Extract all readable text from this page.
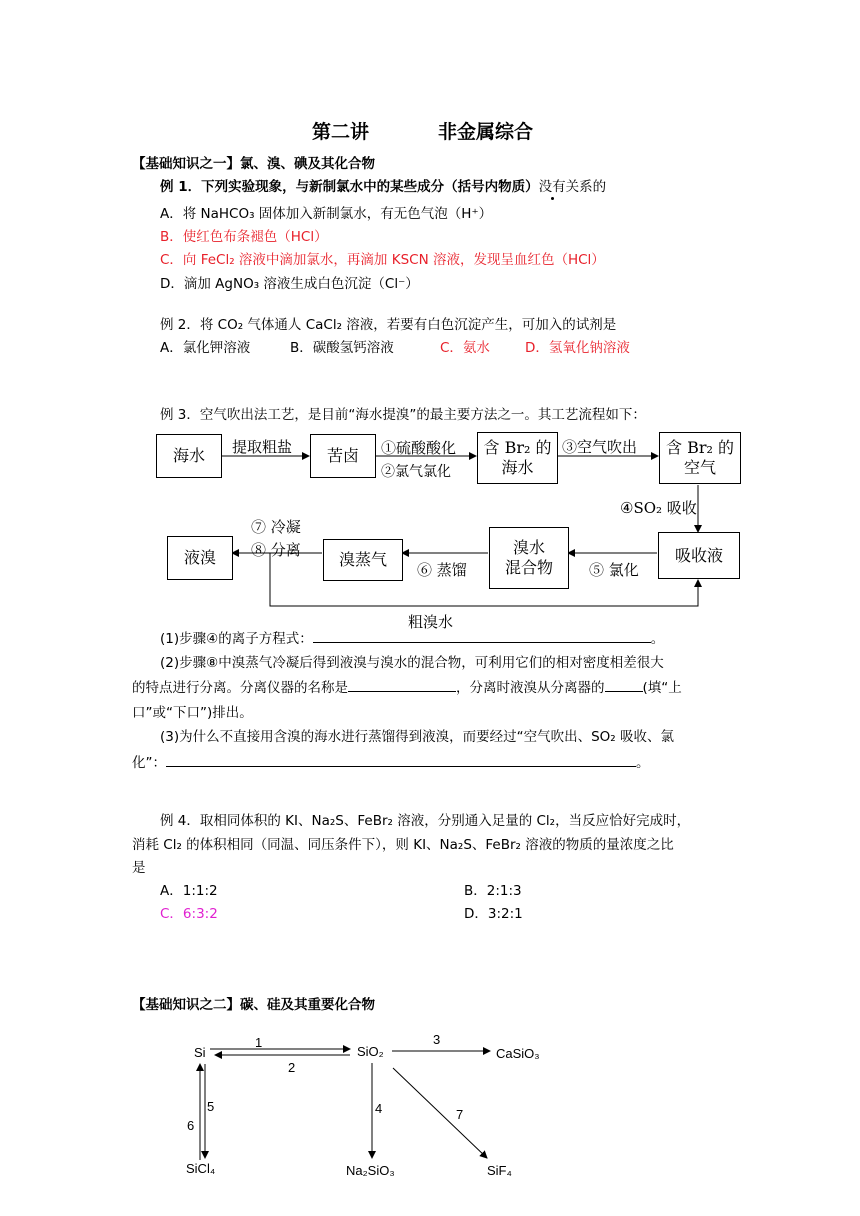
第二讲	非金属综合
【基础知识之一】氯、溴、碘及其化合物
例 1．下列实验现象，与新制氯水中的某些成分（括号内物质）没有关系的
A．将 NaHCO₃ 固体加入新制氯水，有无色气泡（H⁺）
B．使红色布条褪色（HCl）
C．向 FeCl₂ 溶液中滴加氯水，再滴加 KSCN 溶液，发现呈血红色（HCl）
D．滴加 AgNO₃ 溶液生成白色沉淀（Cl⁻）
例 2．将 CO₂ 气体通人 CaCl₂ 溶液，若要有白色沉淀产生，可加入的试剂是
A．氯化钾溶液	B．碳酸氢钙溶液	C．氨水	D．氢氧化钠溶液
例 3．空气吹出法工艺，是目前“海水提溴”的最主要方法之一。其工艺流程如下：
海水	提取粗盐	苦卤	①硫酸酸化
②氯气氯化
含 Br₂ 的
海水
③空气吹出 含 Br₂ 的
空气
④SO₂ 吸收
吸收液
⑤ 氯化
溴水
混合物
⑥ 蒸馏
溴蒸气
⑦ 冷凝
⑧ 分离
液溴
粗溴水
(1)步骤④的离子方程式：	。
(2)步骤⑧中溴蒸气冷凝后得到液溴与溴水的混合物，可利用它们的相对密度相差很大
的特点进行分离。分离仪器的名称是	，分离时液溴从分离器的	(填“上
口”或“下口”)排出。
(3)为什么不直接用含溴的海水进行蒸馏得到液溴，而要经过“空气吹出、SO₂ 吸收、氯
化”：	。
例 4．取相同体积的 KI、Na₂S、FeBr₂ 溶液，分别通入足量的 Cl₂，当反应恰好完成时，
消耗 Cl₂ 的体积相同（同温、同压条件下），则 KI、Na₂S、FeBr₂ 溶液的物质的量浓度之比
是
A．1:1:2	B．2:1:3
C．6:3:2	D．3:2:1
【基础知识之二】碳、硅及其重要化合物
Si	SiO₂	CaSiO₃
SiCl₄	Na₂SiO₃	SiF₄
1
2
3
4
5
6
7
